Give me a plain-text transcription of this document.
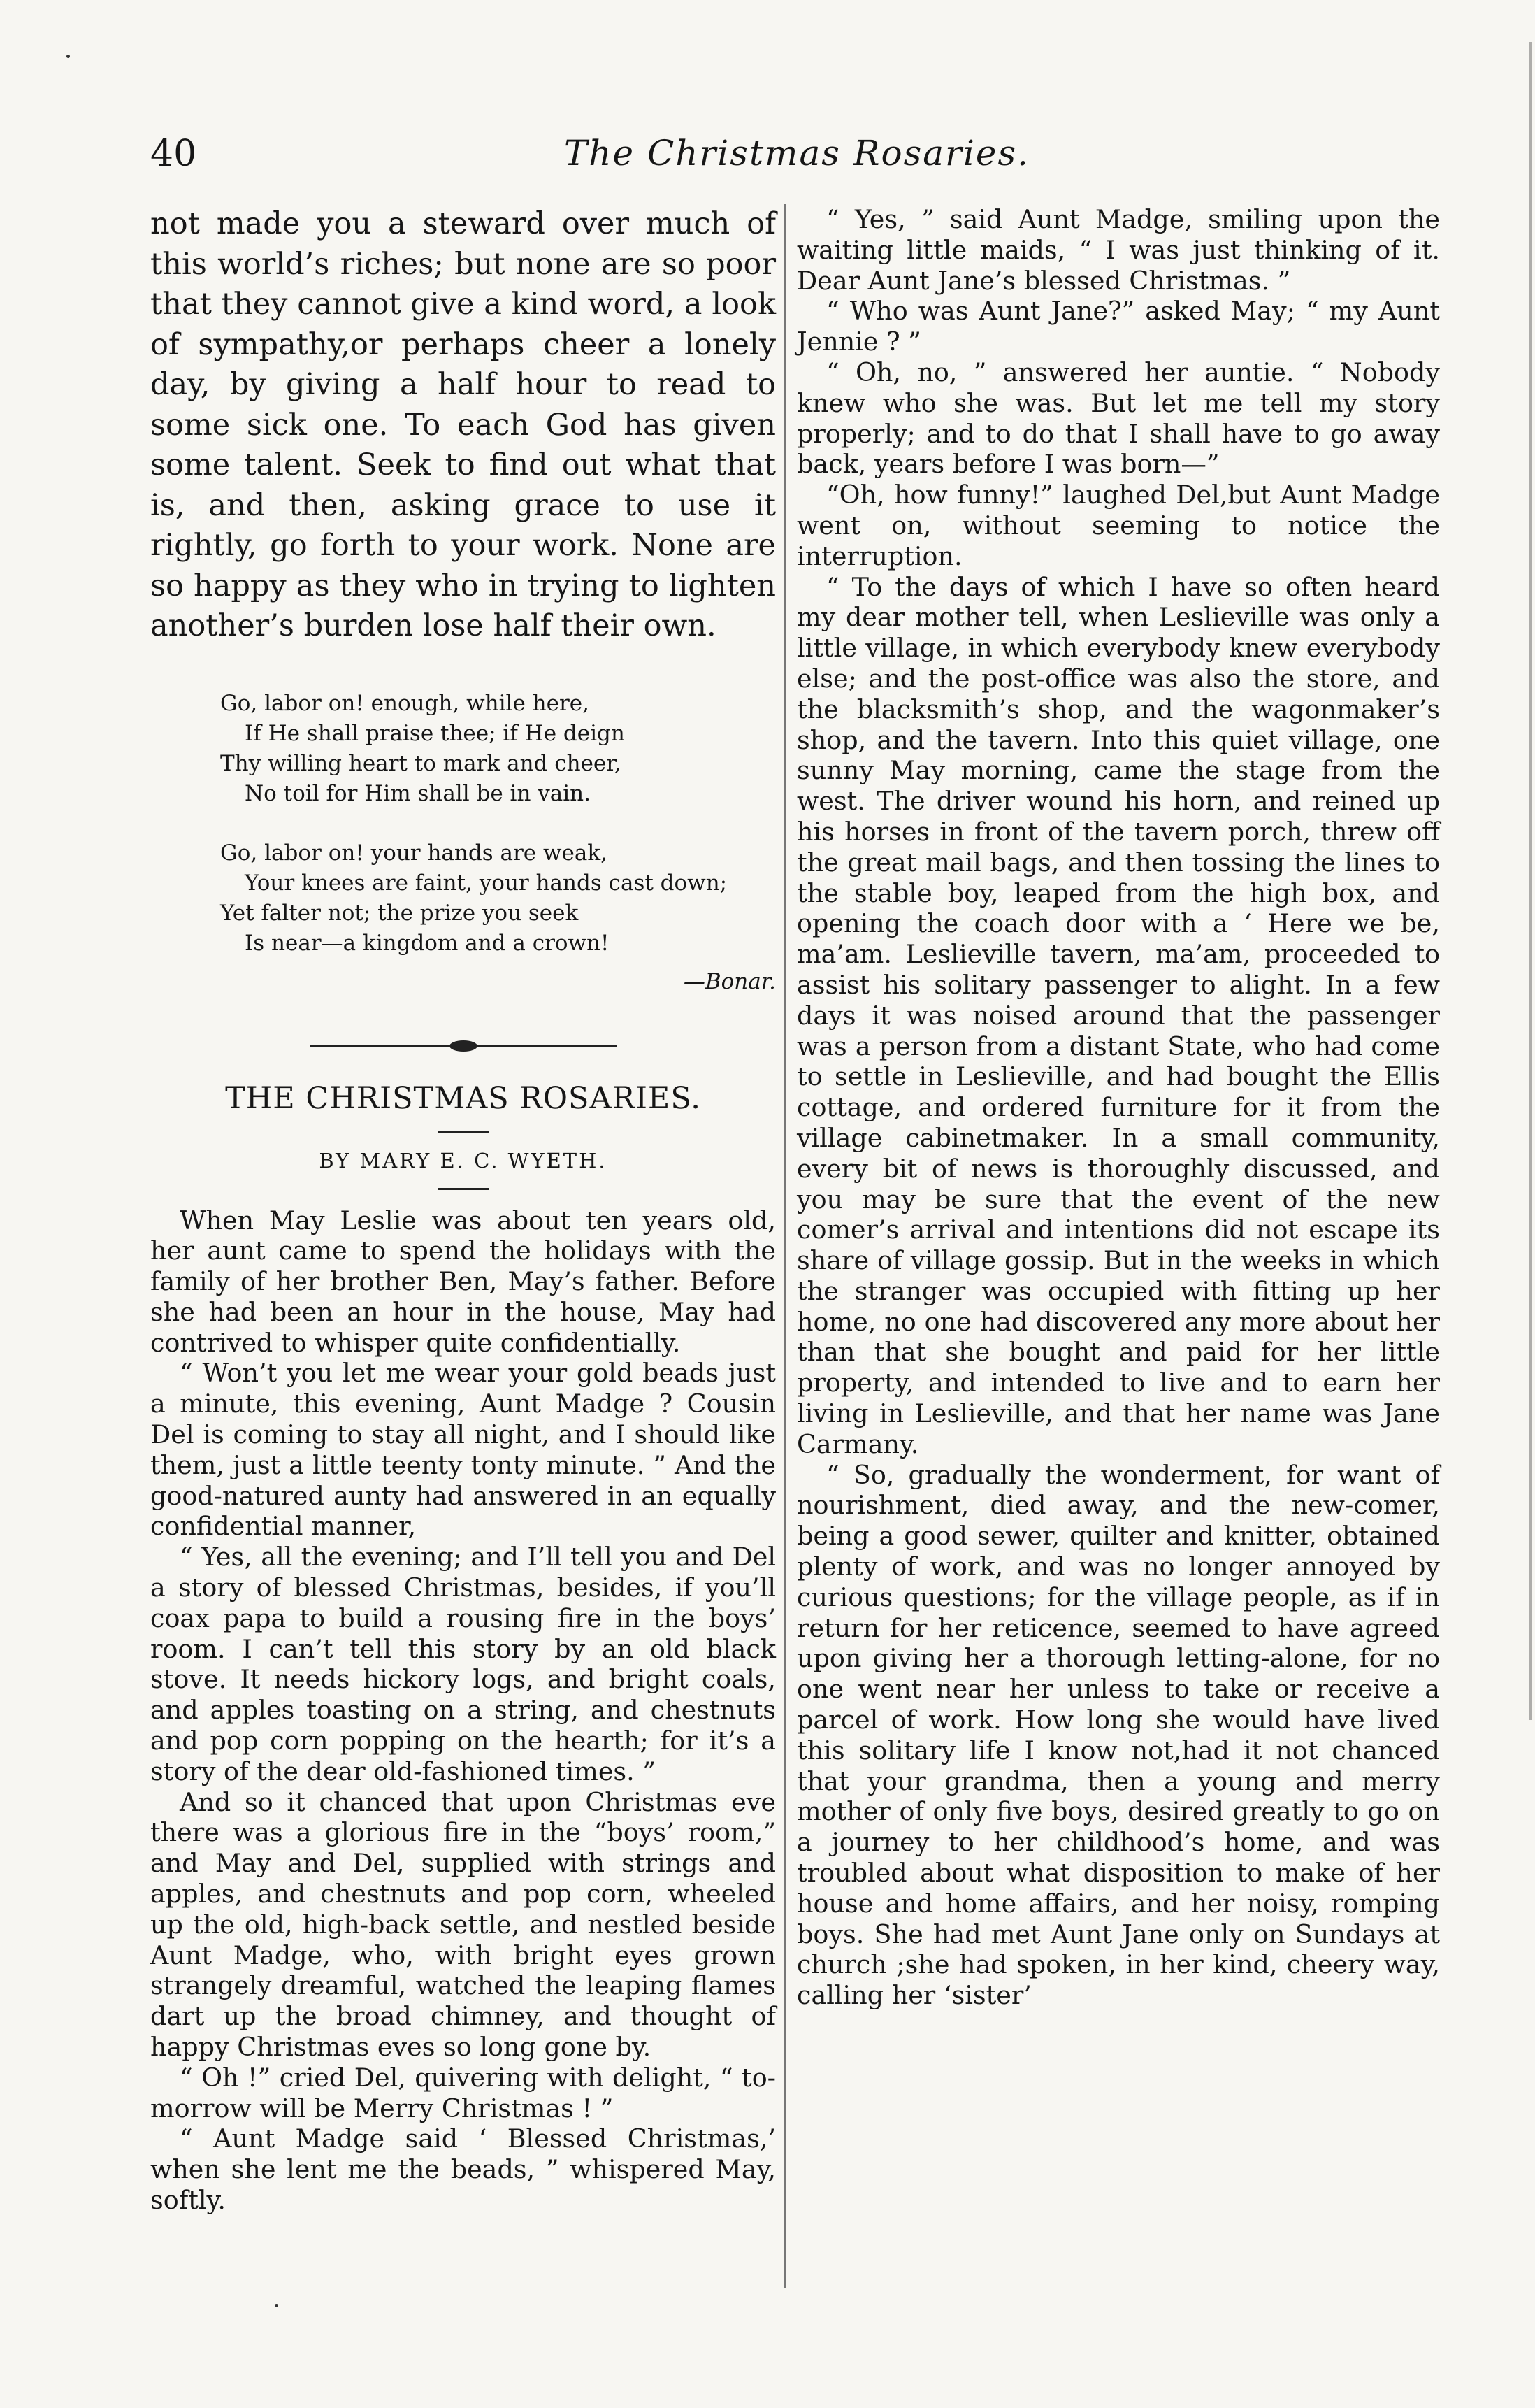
40	The Christmas Rosaries.

not made you a steward over much of this world’s riches; but none are so poor that they cannot give a kind word, a look of sympathy,or perhaps cheer a lonely day, by giving a half hour to read to some sick one. To each God has given some talent. Seek to find out what that is, and then, asking grace to use it rightly, go forth to your work. None are so happy as they who in trying to lighten another’s burden lose half their own.

Go, labor on! enough, while here,
If He shall praise thee; if He deign
Thy willing heart to mark and cheer,
No toil for Him shall be in vain.
Go, labor on! your hands are weak,
Your knees are faint, your hands cast down;
Yet falter not; the prize you seek
Is near—a kingdom and a crown!
—Bonar.
THE CHRISTMAS ROSARIES.
BY MARY E. C. WYETH.

When May Leslie was about ten years old, her aunt came to spend the holidays with the family of her brother Ben, May’s father. Before she had been an hour in the house, May had contrived to whisper quite confidentially.

“ Won’t you let me wear your gold beads just a minute, this evening, Aunt Madge ? Cousin Del is coming to stay all night, and I should like them, just a little teenty tonty minute. ” And the good-natured aunty had answered in an equally confidential manner,

“ Yes, all the evening; and I’ll tell you and Del a story of blessed Christmas, besides, if you’ll coax papa to build a rousing fire in the boys’ room. I can’t tell this story by an old black stove. It needs hickory logs, and bright coals, and apples toasting on a string, and chestnuts and pop corn popping on the hearth; for it’s a story of the dear old-fashioned times. ”

And so it chanced that upon Christmas eve there was a glorious fire in the “boys’ room,” and May and Del, supplied with strings and apples, and chestnuts and pop corn, wheeled up the old, high-back settle, and nestled beside Aunt Madge, who, with bright eyes grown strangely dreamful, watched the leaping flames dart up the broad chimney, and thought of happy Christmas eves so long gone by.

“ Oh !” cried Del, quivering with delight, “ to-morrow will be Merry Christmas ! ”

“ Aunt Madge said ‘ Blessed Christmas,’ when she lent me the beads, ” whispered May, softly.

“ Yes, ” said Aunt Madge, smiling upon the waiting little maids, “ I was just thinking of it. Dear Aunt Jane’s blessed Christmas. ”

“ Who was Aunt Jane?” asked May; “ my Aunt Jennie ? ”

“ Oh, no, ” answered her auntie. “ Nobody knew who she was. But let me tell my story properly; and to do that I shall have to go away back, years before I was born—”

“Oh, how funny!” laughed Del,but Aunt Madge went on, without seeming to notice the interruption.

“ To the days of which I have so often heard my dear mother tell, when Leslieville was only a little village, in which everybody knew everybody else; and the post-office was also the store, and the blacksmith’s shop, and the wagonmaker’s shop, and the tavern. Into this quiet village, one sunny May morning, came the stage from the west. The driver wound his horn, and reined up his horses in front of the tavern porch, threw off the great mail bags, and then tossing the lines to the stable boy, leaped from the high box, and opening the coach door with a ‘ Here we be, ma’am. Leslieville tavern, ma’am, proceeded to assist his solitary passenger to alight. In a few days it was noised around that the passenger was a person from a distant State, who had come to settle in Leslieville, and had bought the Ellis cottage, and ordered furniture for it from the village cabinetmaker. In a small community, every bit of news is thoroughly discussed, and you may be sure that the event of the new comer’s arrival and intentions did not escape its share of village gossip. But in the weeks in which the stranger was occupied with fitting up her home, no one had discovered any more about her than that she bought and paid for her little property, and intended to live and to earn her living in Leslieville, and that her name was Jane Carmany.

“ So, gradually the wonderment, for want of nourishment, died away, and the new-comer, being a good sewer, quilter and knitter, obtained plenty of work, and was no longer annoyed by curious questions; for the village people, as if in return for her reticence, seemed to have agreed upon giving her a thorough letting-alone, for no one went near her unless to take or receive a parcel of work. How long she would have lived this solitary life I know not,had it not chanced that your grandma, then a young and merry mother of only five boys, desired greatly to go on a journey to her childhood’s home, and was troubled about what disposition to make of her house and home affairs, and her noisy, romping boys. She had met Aunt Jane only on Sundays at church ;she had spoken, in her kind, cheery way, calling her ‘sister’
